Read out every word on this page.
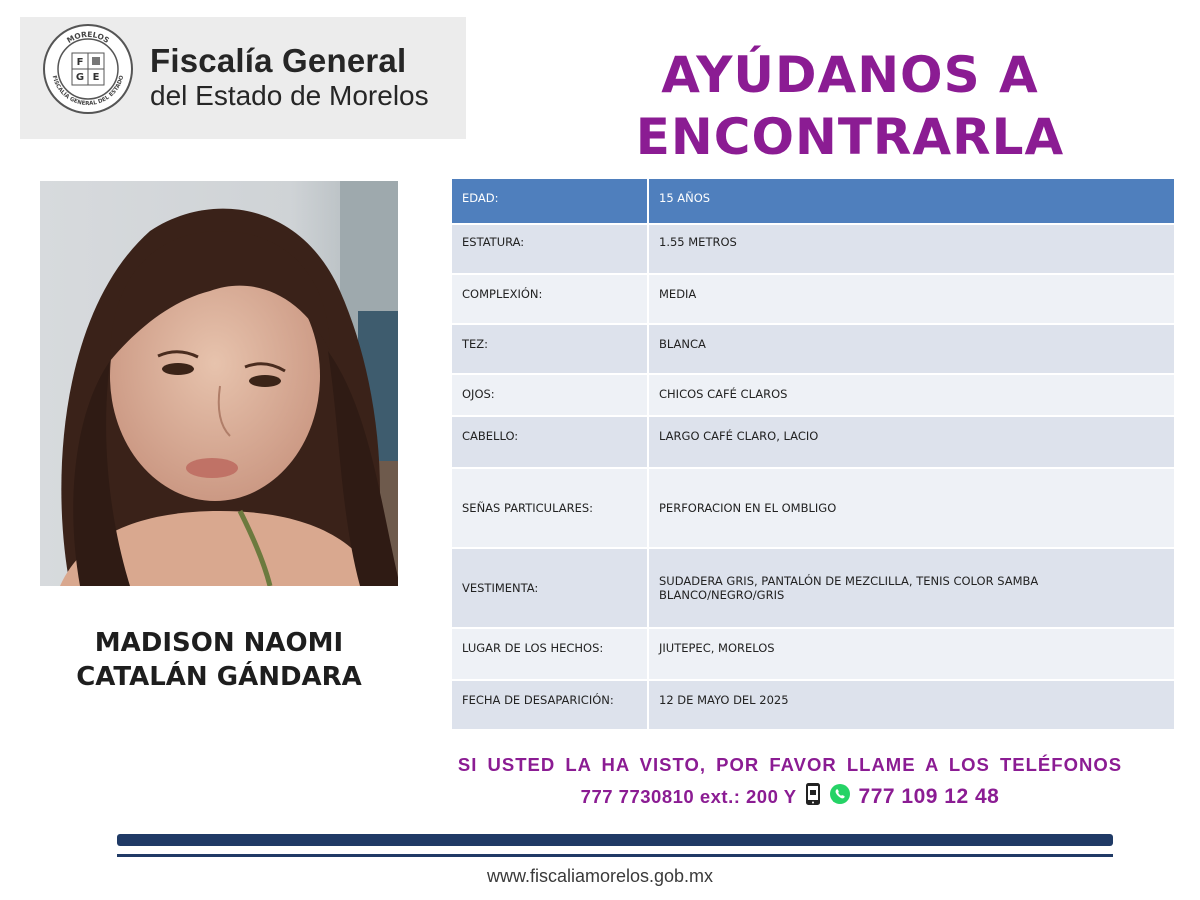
MORELOS
FISCALÍA GENERAL DEL ESTADO
F
G E Fiscalía General
del Estado de Morelos	AYÚDANOS A
ENCONTRARLA
MADISON NAOMI
CATALÁN GÁNDARA
EDAD:	15 AÑOS
ESTATURA:	1.55 METROS
COMPLEXIÓN:	MEDIA
TEZ:	BLANCA
OJOS:	CHICOS CAFÉ CLAROS
CABELLO:	LARGO CAFÉ CLARO, LACIO
SEÑAS PARTICULARES:	PERFORACION EN EL OMBLIGO
VESTIMENTA:	SUDADERA GRIS, PANTALÓN DE MEZCLILLA, TENIS COLOR SAMBA
BLANCO/NEGRO/GRIS

LUGAR DE LOS HECHOS:	JIUTEPEC, MORELOS
FECHA DE DESAPARICIÓN:	12 DE MAYO DEL 2025
SI USTED LA HA VISTO, POR FAVOR LLAME A LOS TELÉFONOS
777 7730810 ext.: 200 Y	777 109 12 48
www.fiscaliamorelos.gob.mx
